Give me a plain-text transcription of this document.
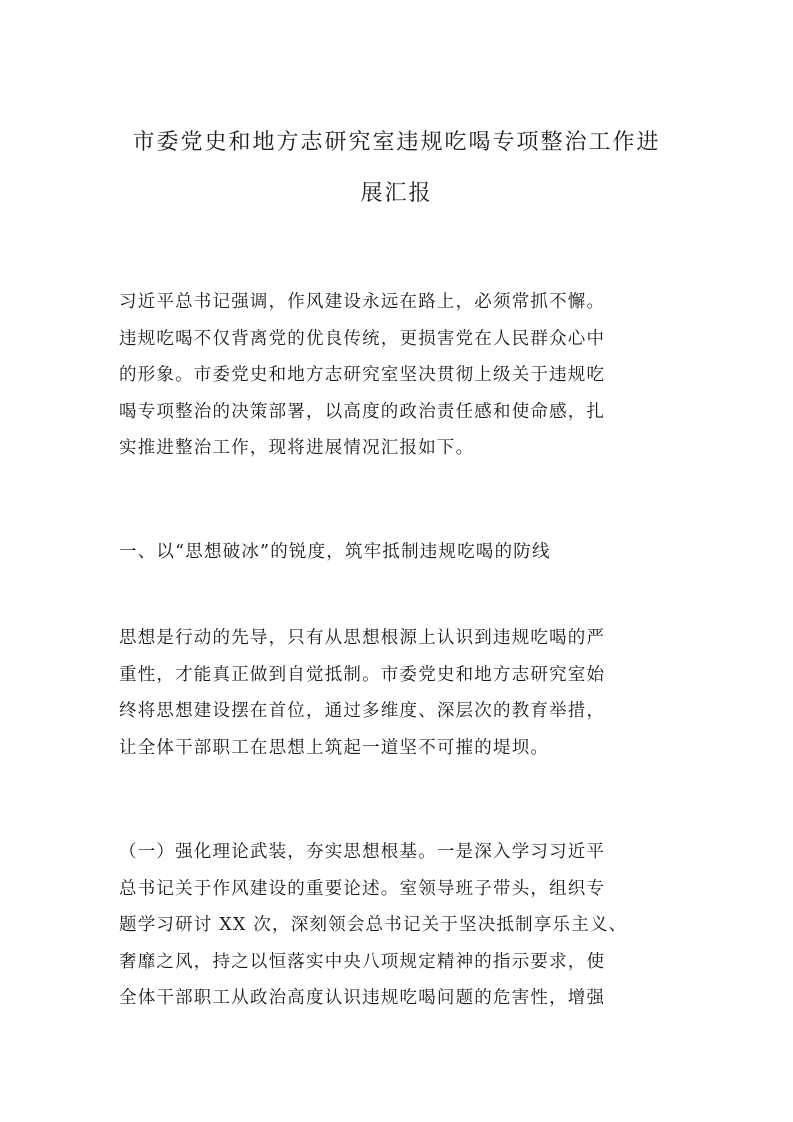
市委党史和地方志研究室违规吃喝专项整治工作进
展汇报

习近平总书记强调，作风建设永远在路上，必须常抓不懈。
违规吃喝不仅背离党的优良传统，更损害党在人民群众心中
的形象。市委党史和地方志研究室坚决贯彻上级关于违规吃
喝专项整治的决策部署，以高度的政治责任感和使命感，扎
实推进整治工作，现将进展情况汇报如下。

一、以“思想破冰”的锐度，筑牢抵制违规吃喝的防线

思想是行动的先导，只有从思想根源上认识到违规吃喝的严
重性，才能真正做到自觉抵制。市委党史和地方志研究室始
终将思想建设摆在首位，通过多维度、深层次的教育举措，
让全体干部职工在思想上筑起一道坚不可摧的堤坝。

（一）强化理论武装，夯实思想根基。一是深入学习习近平
总书记关于作风建设的重要论述。室领导班子带头，组织专
题学习研讨 XX 次，深刻领会总书记关于坚决抵制享乐主义、
奢靡之风，持之以恒落实中央八项规定精神的指示要求，使
全体干部职工从政治高度认识违规吃喝问题的危害性，增强
